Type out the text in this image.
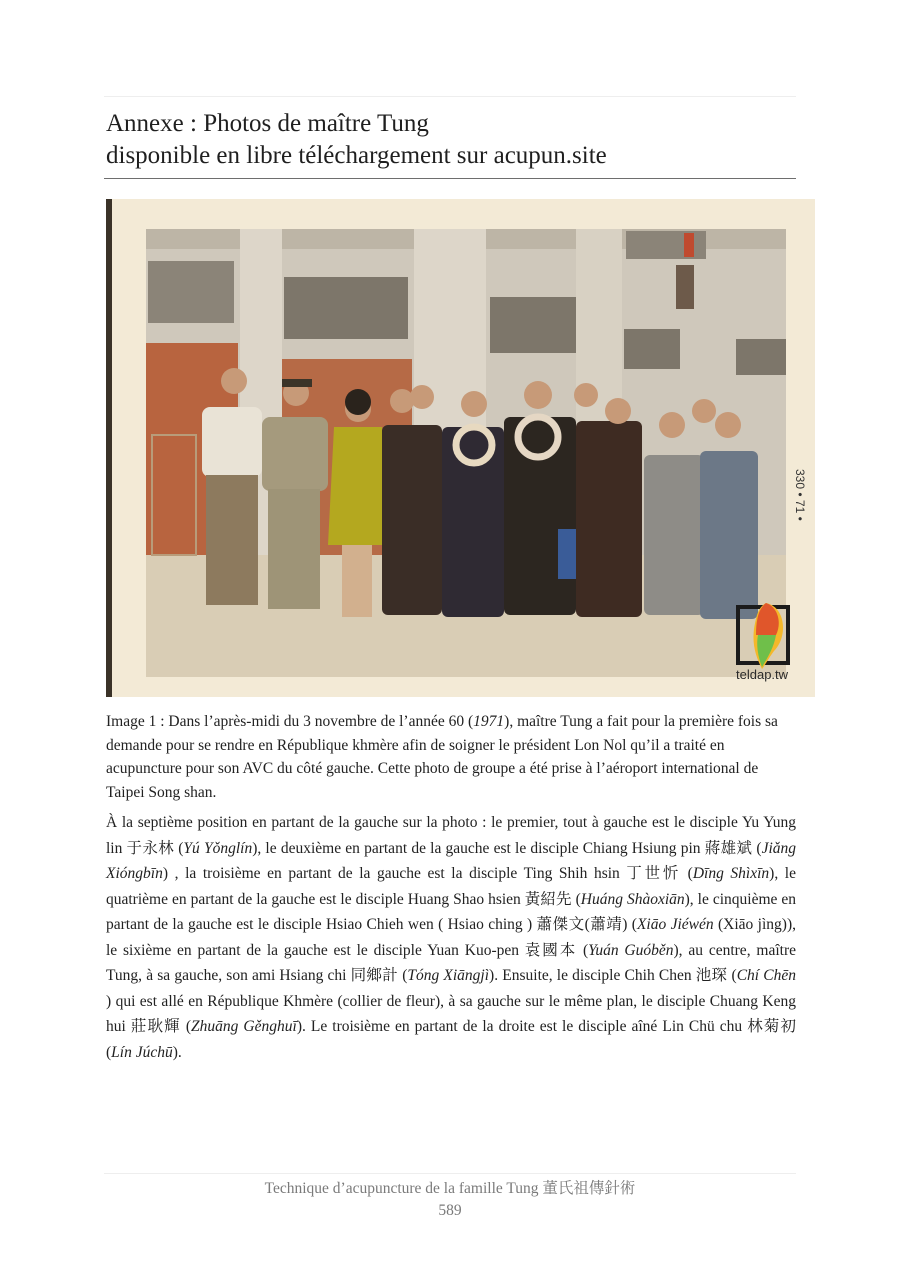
Annexe : Photos de maître Tung
disponible en libre téléchargement sur acupun.site
330 • 71 •
teldap.tw
Image 1 : Dans l’après-midi du 3 novembre de l’année 60 (1971), maître Tung a fait pour la première fois sa demande pour se rendre en République khmère afin de soigner le président Lon Nol qu’il a traité en acupuncture pour son AVC du côté gauche. Cette photo de groupe a été prise à l’aéroport international de Taipei Song shan.
À la septième position en partant de la gauche sur la photo : le premier, tout à gauche est le disciple Yu Yung lin 于永林 (Yú Yǒnglín), le deuxième en partant de la gauche est le disciple Chiang Hsiung pin 蔣雄斌 (Jiǎng Xióngbīn) , la troisième en partant de la gauche est la disciple Ting Shih hsin 丁世忻 (Dīng Shìxīn), le quatrième en partant de la gauche est le disciple Huang Shao hsien 黃紹先 (Huáng Shàoxiān), le cinquième en partant de la gauche est le disciple Hsiao Chieh wen ( Hsiao ching ) 蕭傑文(蕭靖) (Xiāo Jiéwén (Xiāo jìng)), le sixième en partant de la gauche est le disciple Yuan Kuo-pen 袁國本 (Yuán Guóběn), au centre, maître Tung, à sa gauche, son ami Hsiang chi 同鄉計 (Tóng Xiāngjì). Ensuite, le disciple Chih Chen 池琛 (Chí Chēn ) qui est allé en République Khmère (collier de fleur), à sa gauche sur le même plan, le disciple Chuang Keng hui 莊耿輝 (Zhuāng Gěnghuī). Le troisième en partant de la droite est le disciple aîné Lin Chü chu 林菊初 (Lín Júchū).
Technique d’acupuncture de la famille Tung 董氏祖傳針術
589
